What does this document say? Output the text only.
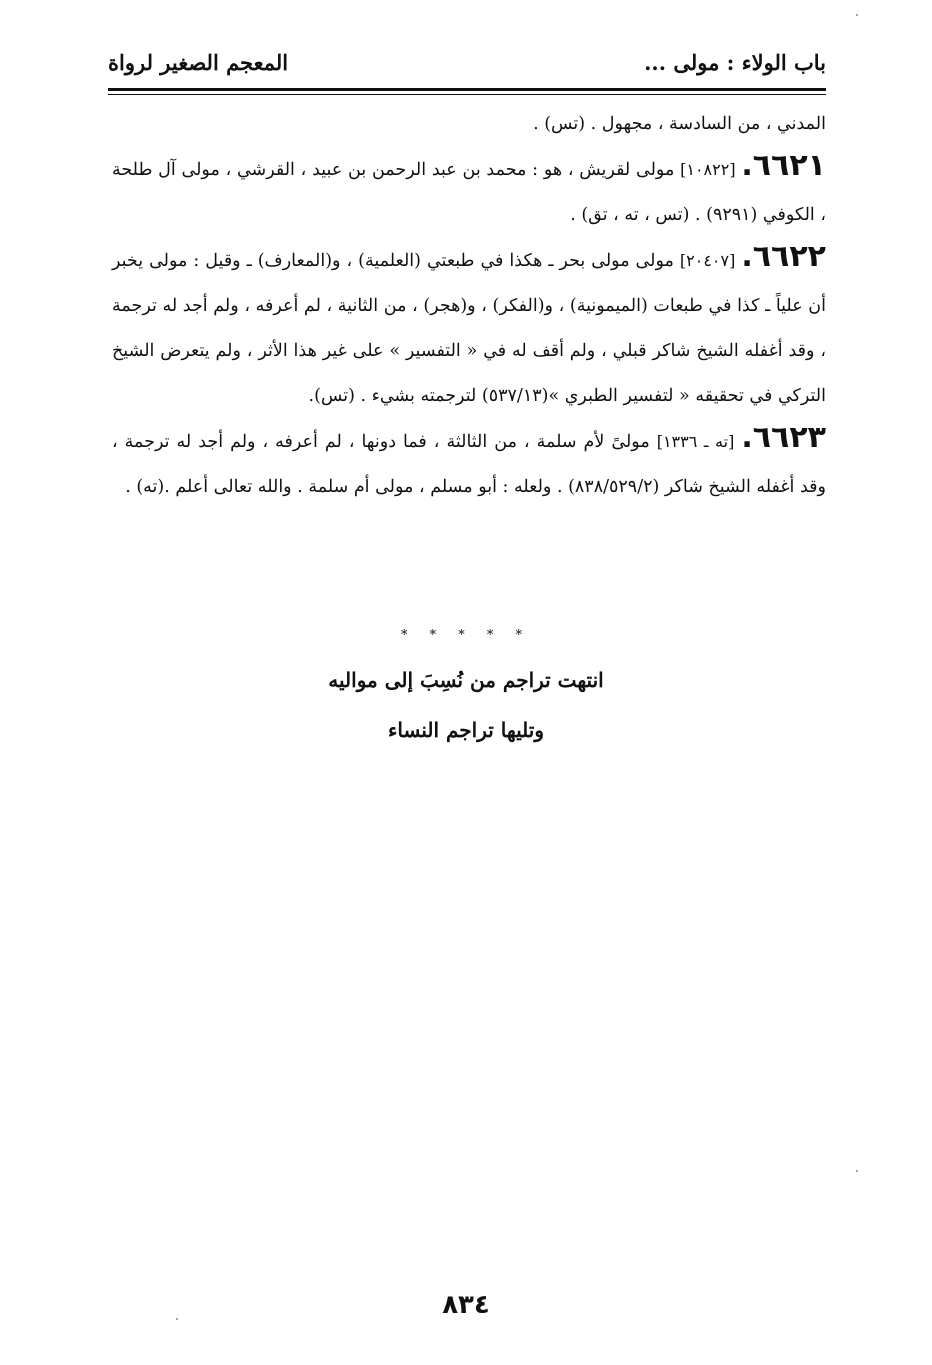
باب الولاء : مولى ...
المعجم الصغير لرواة

المدني ، من السادسة ، مجهول . (تس) .

٦٦٢١. [١٠٨٢٢] مولى لقريش ، هو : محمد بن عبد الرحمن بن عبيد ، القرشي ، مولى آل طلحة ، الكوفي (٩٢٩١) . (تس ، ته ، تق) .

٦٦٢٢. [٢٠٤٠٧] مولى مولى بحر ـ هكذا في طبعتي (العلمية) ، و(المعارف) ـ وقيل : مولى يخبر أن علياً ـ كذا في طبعات (الميمونية) ، و(الفكر) ، و(هجر) ، من الثانية ، لم أعرفه ، ولم أجد له ترجمة ، وقد أغفله الشيخ شاكر قبلي ، ولم أقف له في « التفسير » على غير هذا الأثر ، ولم يتعرض الشيخ التركي في تحقيقه « لتفسير الطبري »(٥٣٧/١٣) لترجمته بشيء . (تس).

٦٦٢٣. [ته ـ ١٣٣٦] مولىً لأم سلمة ، من الثالثة ، فما دونها ، لم أعرفه ، ولم أجد له ترجمة ، وقد أغفله الشيخ شاكر (٨٣٨/٥٢٩/٢) . ولعله : أبو مسلم ، مولى أم سلمة . والله تعالى أعلم .(ته) .

* * * * *
انتهت تراجم من نُسِبَ إلى مواليه
وتليها تراجم النساء
٨٣٤
